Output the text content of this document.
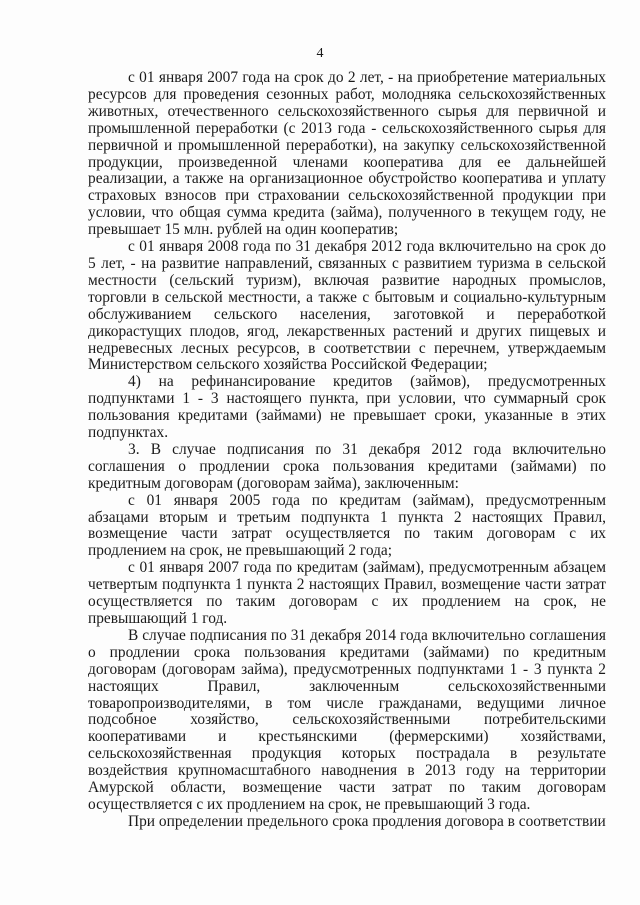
4

с 01 января 2007 года на срок до 2 лет, - на приобретение материальных ресурсов для проведения сезонных работ, молодняка сельскохозяйственных животных, отечественного сельскохозяйственного сырья для первичной и промышленной переработки (с 2013 года - сельскохозяйственного сырья для первичной и промышленной переработки), на закупку сельскохозяйственной продукции, произведенной членами кооператива для ее дальнейшей реализации, а также на организационное обустройство кооператива и уплату страховых взносов при страховании сельскохозяйственной продукции при условии, что общая сумма кредита (займа), полученного в текущем году, не превышает 15 млн. рублей на один кооператив;

с 01 января 2008 года по 31 декабря 2012 года включительно на срок до 5 лет, - на развитие направлений, связанных с развитием туризма в сельской местности (сельский туризм), включая развитие народных промыслов, торговли в сельской местности, а также с бытовым и социально-культурным обслуживанием сельского населения, заготовкой и переработкой дикорастущих плодов, ягод, лекарственных растений и других пищевых и недревесных лесных ресурсов, в соответствии с перечнем, утверждаемым Министерством сельского хозяйства Российской Федерации;

4) на рефинансирование кредитов (займов), предусмотренных подпунктами 1 - 3 настоящего пункта, при условии, что суммарный срок пользования кредитами (займами) не превышает сроки, указанные в этих подпунктах.

3. В случае подписания по 31 декабря 2012 года включительно соглашения о продлении срока пользования кредитами (займами) по кредитным договорам (договорам займа), заключенным:

с 01 января 2005 года по кредитам (займам), предусмотренным абзацами вторым и третьим подпункта 1 пункта 2 настоящих Правил, возмещение части затрат осуществляется по таким договорам с их продлением на срок, не превышающий 2 года;

с 01 января 2007 года по кредитам (займам), предусмотренным абзацем четвертым подпункта 1 пункта 2 настоящих Правил, возмещение части затрат осуществляется по таким договорам с их продлением на срок, не превышающий 1 год.

В случае подписания по 31 декабря 2014 года включительно соглашения о продлении срока пользования кредитами (займами) по кредитным договорам (договорам займа), предусмотренных подпунктами 1 - 3 пункта 2 настоящих Правил, заключенным сельскохозяйственными товаропроизводителями, в том числе гражданами, ведущими личное подсобное хозяйство, сельскохозяйственными потребительскими кооперативами и крестьянскими (фермерскими) хозяйствами, сельскохозяйственная продукция которых пострадала в результате воздействия крупномасштабного наводнения в 2013 году на территории Амурской области, возмещение части затрат по таким договорам осуществляется с их продлением на срок, не превышающий 3 года.

При определении предельного срока продления договора в соответствии
